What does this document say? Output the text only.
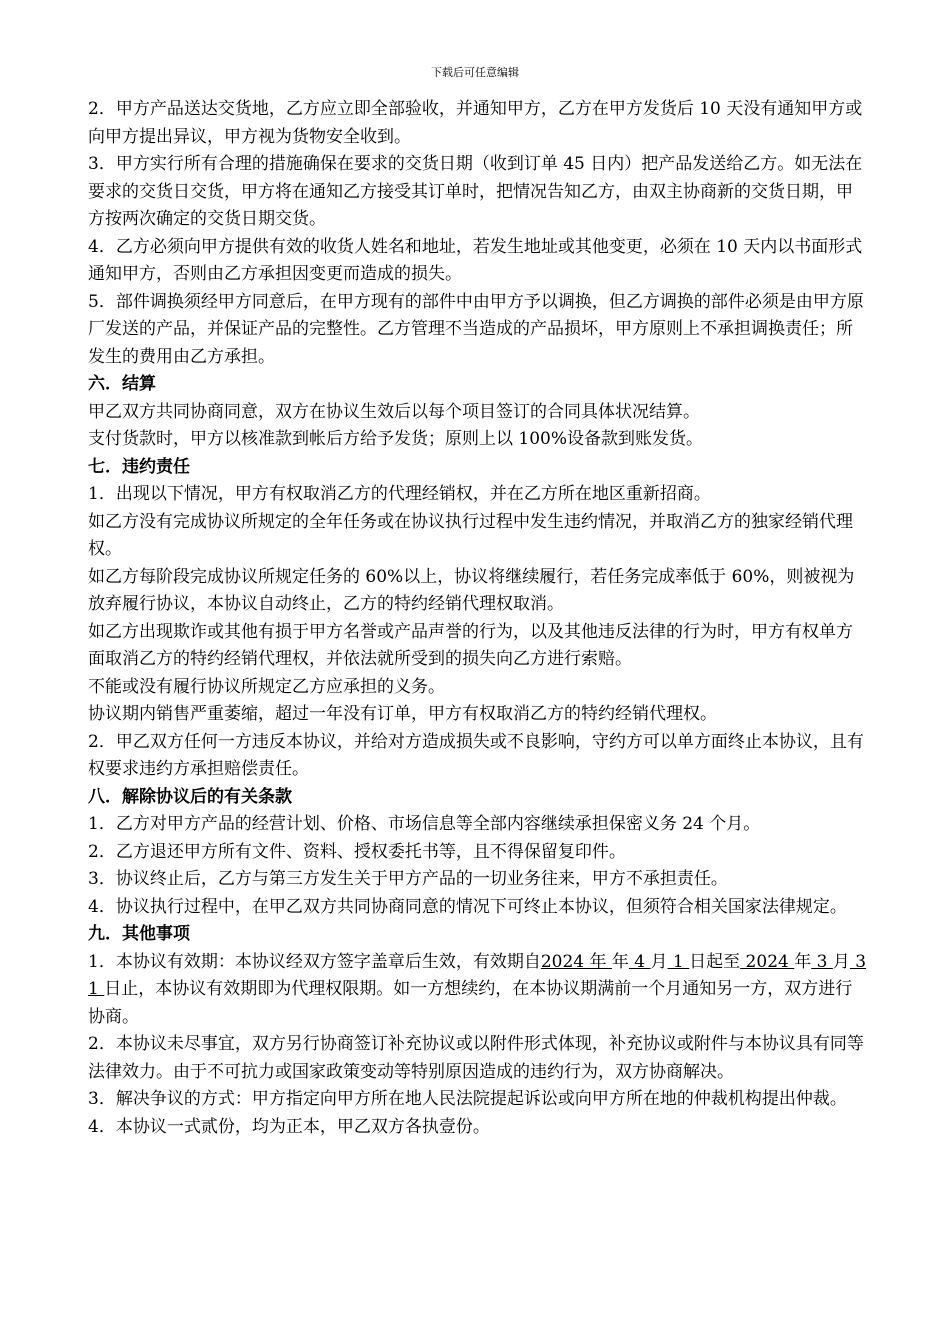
下载后可任意编辑

2．甲方产品送达交货地，乙方应立即全部验收，并通知甲方，乙方在甲方发货后 10 天没有通知甲方或向甲方提出异议，甲方视为货物安全收到。

3．甲方实行所有合理的措施确保在要求的交货日期（收到订单 45 日内）把产品发送给乙方。如无法在要求的交货日交货，甲方将在通知乙方接受其订单时，把情况告知乙方，由双主协商新的交货日期，甲方按两次确定的交货日期交货。

4．乙方必须向甲方提供有效的收货人姓名和地址，若发生地址或其他变更，必须在 10 天内以书面形式通知甲方，否则由乙方承担因变更而造成的损失。

5．部件调换须经甲方同意后，在甲方现有的部件中由甲方予以调换，但乙方调换的部件必须是由甲方原厂发送的产品，并保证产品的完整性。乙方管理不当造成的产品损坏，甲方原则上不承担调换责任；所发生的费用由乙方承担。

六．结算

甲乙双方共同协商同意，双方在协议生效后以每个项目签订的合同具体状况结算。

支付货款时，甲方以核准款到帐后方给予发货；原则上以 100%设备款到账发货。

七．违约责任

1．出现以下情况，甲方有权取消乙方的代理经销权，并在乙方所在地区重新招商。

如乙方没有完成协议所规定的全年任务或在协议执行过程中发生违约情况，并取消乙方的独家经销代理权。

如乙方每阶段完成协议所规定任务的 60%以上，协议将继续履行，若任务完成率低于 60%，则被视为放弃履行协议，本协议自动终止，乙方的特约经销代理权取消。

如乙方出现欺诈或其他有损于甲方名誉或产品声誉的行为，以及其他违反法律的行为时，甲方有权单方面取消乙方的特约经销代理权，并依法就所受到的损失向乙方进行索赔。

不能或没有履行协议所规定乙方应承担的义务。

协议期内销售严重萎缩，超过一年没有订单，甲方有权取消乙方的特约经销代理权。

2．甲乙双方任何一方违反本协议，并给对方造成损失或不良影响，守约方可以单方面终止本协议，且有权要求违约方承担赔偿责任。

八．解除协议后的有关条款

1．乙方对甲方产品的经营计划、价格、市场信息等全部内容继续承担保密义务 24 个月。

2．乙方退还甲方所有文件、资料、授权委托书等，且不得保留复印件。

3．协议终止后，乙方与第三方发生关于甲方产品的一切业务往来，甲方不承担责任。

4．协议执行过程中，在甲乙双方共同协商同意的情况下可终止本协议，但须符合相关国家法律规定。

九．其他事项

1．本协议有效期：本协议经双方签字盖章后生效，有效期自2024 年 年 4 月 1 日起至 2024 年 3 月 31 日止，本协议有效期即为代理权限期。如一方想续约，在本协议期满前一个月通知另一方，双方进行协商。

2．本协议未尽事宜，双方另行协商签订补充协议或以附件形式体现，补充协议或附件与本协议具有同等法律效力。由于不可抗力或国家政策变动等特别原因造成的违约行为，双方协商解决。

3．解决争议的方式：甲方指定向甲方所在地人民法院提起诉讼或向甲方所在地的仲裁机构提出仲裁。

4．本协议一式贰份，均为正本，甲乙双方各执壹份。
